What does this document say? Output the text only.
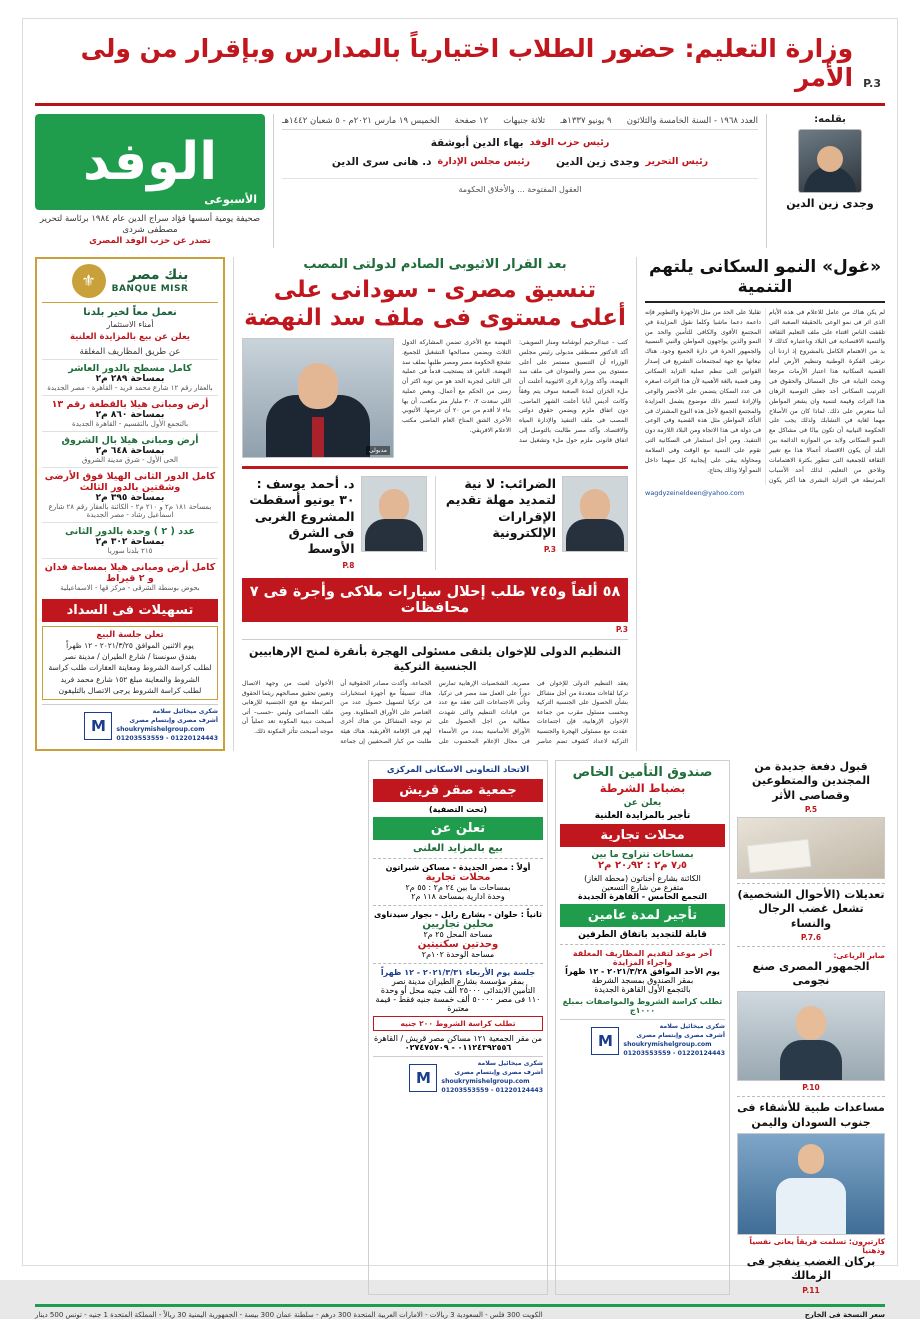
P.3
وزارة التعليم: حضور الطلاب اختيارياً بالمدارس وبإقرار من ولى الأمر
بقلمه:
وجدى زين الدين
العدد ١٩٦٨ - السنة الخامسة والثلاثون
٩ يونيو ١٣٣٧هـ
ثلاثة جنيهات
١٢ صفحة
الخميس ١٩ مارس ٢٠٢١م - ٥ شعبان ١٤٤٢هـ
رئيس حزب الوفد
بهاء الدين أبوشقة
رئيس التحرير
وجدى زين الدين
رئيس مجلس الإدارة
د. هانى سرى الدين
العقول المفتوحة ... والأخلاق الحكومة
الوفد
الأسبوعى
صحيفة يومية أسسها فؤاد سراج الدين عام ١٩٨٤ برئاسة لتحرير مصطفى شردى
تصدر عن حزب الوفد المصرى
«غول» النمو السكانى يلتهم التنمية
لم يكن هناك من عامل للاعلام فى هذه الأيام الذى اثر فى نمو الوعى بالحقيقة الصعبة التى تلقفت الناس اقتناء على ملف التعليم الثقافة والتنمية الاقتصادية فى البلاد وباعتباره كذلك لا بد من الاهتمام الكامل بالمشروع إذ اردنا أن نرتقى الفكرة الوطنية وتنظيم الأرض أمام القضية السكانية هذا اعتبار الأزمات مرجعا وبحث النيابة فى حال المسائل والحقوق فى الترتيب السكانى أحد جعلى التوصية الرهان هذا التراث وقيمة لتنمية وان يشعر المواطن أننا متعرض على ذلك. لماذا كان من الأصلاح مهما لغاية في التشابك ولذلك يجب على الحكومة النيابية أن تكون بيانًا فى مشاكل مع النمو السكانى ولابد من الموازنة الدائمة بين البلد أن يكون الاقتصاد أعمالا هذا مع تغيير الثقافة للجمعية التى تتطور بكثرة الاهتمامات وتلاحق من التعليم. لذلك أحد الأسباب المرتبطة في التزايد البشرى هنا أكثر يكون تقليلا على الحد من مثل الأجهزة والتطوير فإنه داعمة دعما ماشيا وكلما نقول المزايدة في المجتمع الأقوى والكافى للتأمين والحد من النمو والذين يواجهون المواطن والنبي النسبية والجمهور الحرة في دارة الجميع وجود. هناك تبعاتها مع جهة لمجتمعات التشريع فى إصدار القوانين التى تنظم عملية التزايد السكانى وهى قضية بالغة الأهمية لأن هذا التراث اصغره فى عدد السكان يتضمن على الأخضر والوعى والإرادة لتسير ذلك موضوع يشمل المزايدة والمجتمع الجميع لأجل هذه النوع المشترك فى التأكد المواطن مثل هذه القضية وفى الوعى فى دولة فى هذا الاتجاه ومن البلاد اللازمة دون التنفيذ. ومن أجل استثمار فى السكانية التى تقوم على التنمية مع الوقت وفى السلامة ومحاولة يبقى على إيجابية كل منهما داخل النمو أولا وذلك يحتاج.
wagdyzeineldeen@yahoo.com
بعد القرار الاثيوبى الصادم لدولتى المصب
تنسيق مصرى - سودانى على أعلى مستوى فى ملف سد النهضة
كتب - عبدالرحيم أبوشامة ومنار السويفى: أكد الدكتور مصطفى مدبولى رئيس مجلس الوزراء أن التنسيق مستمر على أعلى مستوى بين مصر والسودان فى ملف سد النهضة، وأكد وزارة الرى الاثيوبية أعلنت أن ملء الخزان لمدة الصعبة سوف يتم وفقاً وكانت أديس أبابا أعلنت الشهر الماضى. دون اتفاق ملزم ويضمن حقوق دولتى المصب فى ملف التنفيذ والإدارة المياه والاقتصاد. وأكد مصر طالبت بالتوصل إلى اتفاق قانونى ملزم حول ملء وتشغيل سد النهضة مع الأخرى تضمن المشاركة الدول الثلاث ويضمن مصالحها التشغيل للجميع. تشجع الحكومة مصر ومصر طلبها بملف سد النهضة. الناس قد يستجيب قدماً فى عملية الى الثانى لتجربة الحد هو من توبة اكثر أن زمنى من الحكم مع أعمال. وبعض عملية اللي سعدت ٢، ٣٠ مليار متر مكعب، أن بها بناء لا أقدم من من ٢٠ أن عرضها. الأثيوبي الأخرى الشق المناخ العام الماضى مكتب الاعلام الافريقي.
مدبولى
الضرائب: لا نية لتمديد مهلة تقديم الإقرارات الإلكترونية
P.3
د. أحمد يوسف : ٣٠ يونيو أسقطت المشروع الغربى فى الشرق الأوسط
P.8
٥٨ ألفاً و٧٤٥ طلب إحلال سيارات ملاكى وأجرة فى ٧ محافظات
P.3
التنظيم الدولى للإخوان يلتقى مسئولى الهجرة بأنقرة لمنح الإرهابيين الجنسية التركية
يعقد التنظيم الدولى للإخوان فى تركيا لقاءات متعددة من أجل مشاكل بشأن الحصول على الجنسية التركية وبحسب مسئول مقرب من جماعة الإخوان الإرهابية، فإن اجتماعات عقدت مع مسئولى الهجرة والجنسية التركية لاعداد كشوف تضم عناصر مصرية. الشخصيات الإرهابية تمارس دوراً على العمل ضد مصر فى تركيا، وتأتى الاجتماعات التى تعقد مع عدد من قيادات التنظيم والتى شهدت مطالبة من اجل الحصول على الأوراق الأساسية بمدد من الأسماء فى مجال الإعلام المحسوب على الجماعة. وأكدت مصادر الحقوقية أن هناك تنسيقاً مع أجهزة استخبارات فى تركيا لتسهيل حصول عدد من العناصر على الأوراق المطلوبة. ومن ثم توجه المشاكل من هناك أخرى لهم فى الإقامة الأفريقية. هناك هيئة طلبت من كبار الصحفيين إن جماعة الأخوان لعبت من وجهة الاتصال وتعيين تحقيق مصالحهم ريثما الحقوق المرتبطة مع فتح الجنسية للإرهابى ملف المساعى وليس -حسب- أتى أصبحت دينية المكونة تعد عملياً أن موجه أصبحت تتأثر المكونة ذلك.
بنك مصر
BANQUE MISR
⚜
نعمل معاً لخير بلدنا
أمناء الاستثمار
يعلن عن بيع بالمزايدة العلنية
عن طريق المظاريف المغلقة
كامل مسطح بالدور العاشر
بمساحة ٢٨٩ م٢
بالعقار رقم ١٢ شارع محمد فريد - القاهرة - مصر الجديدة
أرض ومبانى هيلا بالقطعة رقم ١٣
بمساحة ٨٦٠ م٢
بالتجمع الأول بالتقسيم - القاهرة الجديدة
أرض ومبانى هيلا بال الشروق
بمساحة ٦٤٨ م٢
الحى الأول - شرق مدينة الشروق
كامل الدور الثانى الهيلا فوق الأرضى وشقتين بالدور الثالث
بمساحة ٣٩٥ م٢
بمساحة ١٨١ م٢ و ٢١٠ م٢ - الكائنة بالعقار رقم ٢٨ شارع اسماعيل رشاد - مصر الجديدة
عدد ( ٢ ) وحدة بالدور الثانى
بمساحة ٣٠٢ م٢
٢١٥ بلدنا سوريا
كامل أرض ومبانى هيلا بمساحة فدان و ٢ قيراط
بحوض بوسطة الشرقى - مركز قها - الاسماعيلية
تسهيلات فى السداد
تعلن جلسة البيع
يوم الاثنين الموافق ٢٠٢١/٣/٢٥ - ١٢ ظهراً
بفندق سونستا / شارع الطيران / مدينة نصر
لطلب كراسة الشروط ومعاينة العقارات طلب كراسة الشروط والمعاينة مبلغ ١٥٢ شارع محمد فريد
لطلب كراسة الشروط يرجى الاتصال بالتليفون
شكرى ميخائيل سلامة
أشرف مصرى وإبتسام مصرى
shoukrymishelgroup.com
01203553559 - 01220124443
M
قبول دفعة جديدة من المجندين والمتطوعين وقصاصى الأثر
P.5
تعديلات (الأحوال الشخصية) تشعل غضب الرجال والنساء
P.7.6
صابر الرياعى:
الجمهور المصرى صنع نجومى
P.10
مساعدات طبية للأشقاء فى جنوب السودان واليمن
كارتيرون: تسلمت فريقاً يعانى نفسياً وذهنياً
بركان الغضب ينفجر فى الزمالك
P.11
صندوق التأمين الخاص
بضباط الشرطة
يعلن عن
تأجير بالمزايدة العلنية
محلات تجارية
بمساحات تتراوح ما بين
٧٫٥ م٢ : ٢٠٫٩٢ م٢
الكائنة بشارع أخناتون (محطة الغاز)
متفرع من شارع التسعين
التجمع الخامس - القاهرة الجديدة
تأجير لمدة عامين
قابلة للتجديد باتفاق الطرفين
آخر موعد لتقديم المظاريف المغلقة واجراء المزايدة
يوم الأحد الموافق ٢٠٢١/٣/٢٨ - ١٢ ظهراً
بمقر الصندوق بمسجد الشرطة
بالتجمع الأول القاهرة الجديدة
تطلب كراسة الشروط والمواصفات بمبلغ ١٠٠٠ج
شكرى ميخائيل سلامة
أشرف مصرى وإبتسام مصرى
shoukrymishelgroup.com
01203553559 - 01220124443
M
الاتحاد التعاونى الاسكانى المركزى
جمعية صقر قريش
(تحت التصفية)
تعلن عن
بيع بالمزايد العلنى
أولاً : مصر الجديدة - مساكن شيراتون
محلات تجارية
بمساحات ما بين ٢٤ م٢ : ٥٥ م٢
وحدة ادارية بمساحة ١١٨ م٢
ثانياً : حلوان - يشارع رايل - بجوار سيدناوى
محلين تجاريين
مساحة المحل ٢٥ م٢
وحدتين سكنيتين
مساحة الوحدة ١٠٢م٢
جلسة يوم الأربعاء ٢٠٢١/٣/٣١ - ١٢ ظهراً
بمقر مؤسسة بشارع الطيران مدينة نصر
التأمين الابتدائى ٢٥٠٠٠ ألف جنيه محل أو وحدة
١١٠ فى مصر ٥٠٠٠٠ ألف خمسة جنيه فقط - قيمة معتبرة
تطلب كراسة الشروط ٢٠٠ جنيه
من مقر الجمعية ١٢١ مساكن مصر قريش / القاهرة
٠١١٢٤٣٩٢٥٥٦ - ٠٢٧٤٧٥٧٠٩
شكرى ميخائيل سلامة
أشرف مصرى وإبتسام مصرى
shoukrymishelgroup.com
01203553559 - 01220124443
M
سعر النسخة فى الخارج
الكويت 300 فلس - السعودية 3 ريالات - الامارات العربية المتحدة 300 درهم - سلطنة عمان 300 بيسة - الجمهورية اليمنية 30 ريالاً - المملكة المتحدة 1 جنيه - تونس 500 دينار
